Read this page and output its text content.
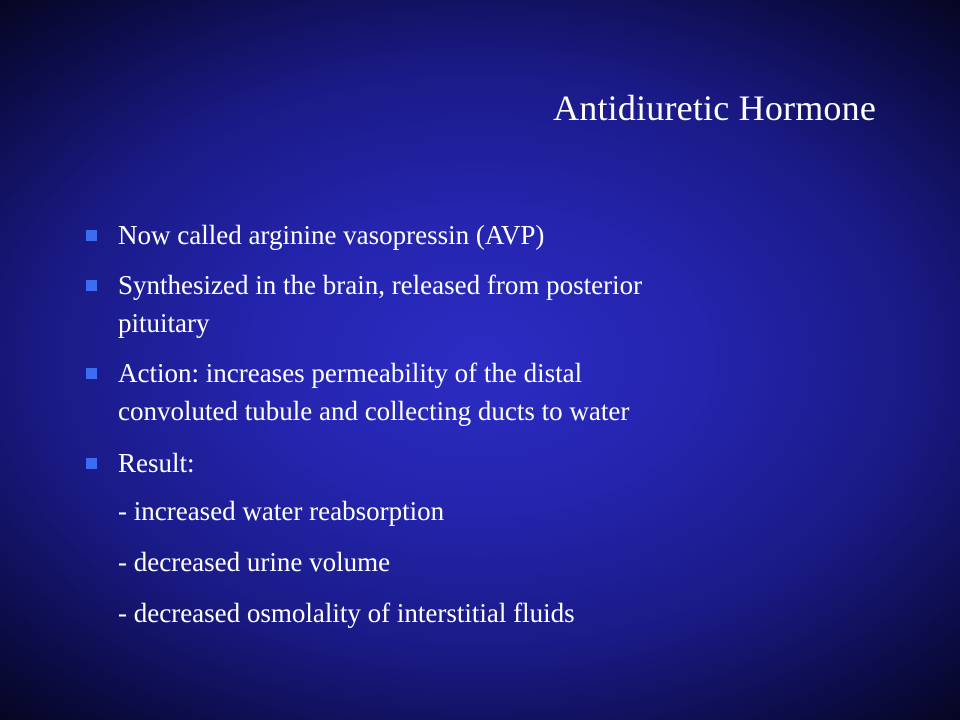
Antidiuretic Hormone
Now called arginine vasopressin (AVP)
Synthesized in the brain, released from posterior
pituitary
Action: increases permeability of the distal
convoluted tubule and collecting ducts to water
Result:
- increased water reabsorption
- decreased urine volume
- decreased osmolality of interstitial fluids
